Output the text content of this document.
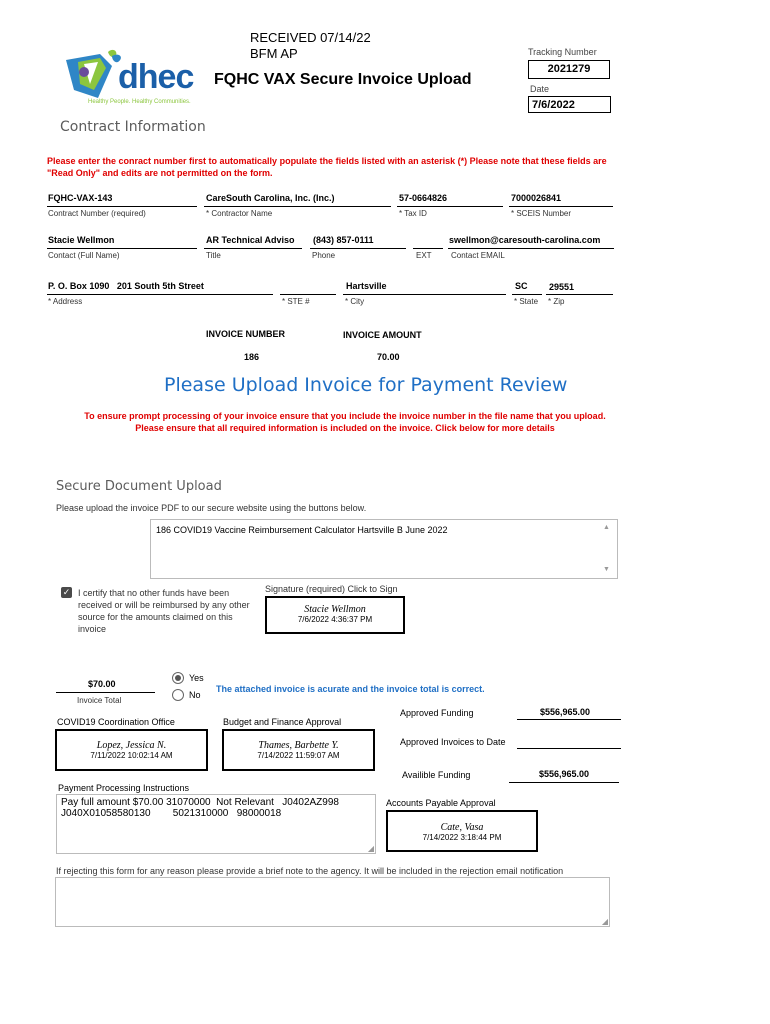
dhec
Healthy People. Healthy Communities.
RECEIVED 07/14/22
BFM AP
FQHC VAX Secure Invoice Upload
Tracking Number
2021279
Date
7/6/2022
Contract Information
Please enter the conract number first to automatically populate the fields listed with an asterisk (*) Please note that these fields are "Read Only" and edits are not permitted on the form.
FQHC-VAX-143
Contract Number (required)
CareSouth Carolina, Inc. (Inc.)
* Contractor Name
57-0664826
* Tax ID
7000026841
* SCEIS Number
Stacie Wellmon
Contact (Full Name)
AR Technical Adviso
Title
(843) 857-0111
Phone	EXT
swellmon@caresouth-carolina.com
Contact EMAIL
P. O. Box 1090   201 South 5th Street
* Address	* STE #
Hartsville
* City
SC
* State
29551
* Zip
INVOICE NUMBER
186
INVOICE AMOUNT
70.00
Please Upload Invoice for Payment Review
To ensure prompt processing of your invoice ensure that you include the invoice number in the file name that you upload.
Please ensure that all required information is included on the invoice. Click below for more details
Secure Document Upload
Please upload the invoice PDF to our secure website using the buttons below.
186 COVID19 Vaccine Reimbursement Calculator Hartsville B June 2022	▲
▼
✓ I certify that no other funds have been received or will be reimbursed by any other source for the amounts claimed on this invoice
Signature (required) Click to Sign
Stacie Wellmon
7/6/2022 4:36:37 PM
$70.00
Invoice Total
Yes
No
The attached invoice is acurate and the invoice total is correct.
COVID19 Coordination Office
Lopez, Jessica N.
7/11/2022 10:02:14 AM
Budget and Finance Approval
Thames, Barbette Y.
7/14/2022 11:59:07 AM
Approved Funding	$556,965.00
Approved Invoices to Date
Availible Funding	$556,965.00
Payment Processing Instructions
Pay full amount $70.00 31070000  Not Relevant   J0402AZ998
J040X01058580130        5021310000   98000018
◢
Accounts Payable Approval
Cate, Vasa
7/14/2022 3:18:44 PM
If rejecting this form for any reason please provide a brief note to the agency. It will be included in the rejection email notification
◢
